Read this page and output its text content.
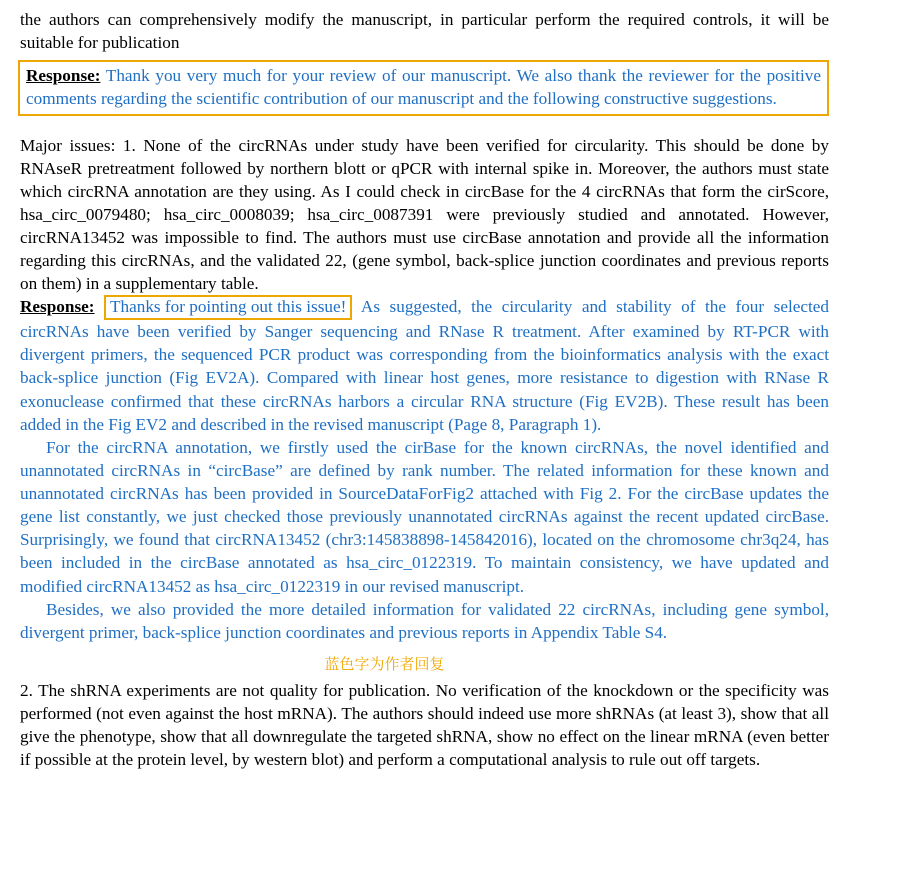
the authors can comprehensively modify the manuscript, in particular perform the required controls, it will be suitable for publication

Response: Thank you very much for your review of our manuscript. We also thank the reviewer for the positive comments regarding the scientific contribution of our manuscript and the following constructive suggestions.

Major issues: 1. None of the circRNAs under study have been verified for circularity. This should be done by RNAseR pretreatment followed by northern blott or qPCR with internal spike in. Moreover, the authors must state which circRNA annotation are they using. As I could check in circBase for the 4 circRNAs that form the cirScore, hsa_circ_0079480; hsa_circ_0008039; hsa_circ_0087391 were previously studied and annotated. However, circRNA13452 was impossible to find. The authors must use circBase annotation and provide all the information regarding this circRNAs, and the validated 22, (gene symbol, back-splice junction coordinates and previous reports on them) in a supplementary table.

Response: Thanks for pointing out this issue! As suggested, the circularity and stability of the four selected circRNAs have been verified by Sanger sequencing and RNase R treatment. After examined by RT-PCR with divergent primers, the sequenced PCR product was corresponding from the bioinformatics analysis with the exact back-splice junction (Fig EV2A). Compared with linear host genes, more resistance to digestion with RNase R exonuclease confirmed that these circRNAs harbors a circular RNA structure (Fig EV2B). These result has been added in the Fig EV2 and described in the revised manuscript (Page 8, Paragraph 1).

For the circRNA annotation, we firstly used the cirBase for the known circRNAs, the novel identified and unannotated circRNAs in “circBase” are defined by rank number. The related information for these known and unannotated circRNAs has been provided in SourceDataForFig2 attached with Fig 2. For the circBase updates the gene list constantly, we just checked those previously unannotated circRNAs against the recent updated circBase. Surprisingly, we found that circRNA13452 (chr3:145838898-145842016), located on the chromosome chr3q24, has been included in the circBase annotated as hsa_circ_0122319. To maintain consistency, we have updated and modified circRNA13452 as hsa_circ_0122319 in our revised manuscript.

Besides, we also provided the more detailed information for validated 22 circRNAs, including gene symbol, divergent primer, back-splice junction coordinates and previous reports in Appendix Table S4.

蓝色字为作者回复

2. The shRNA experiments are not quality for publication. No verification of the knockdown or the specificity was performed (not even against the host mRNA). The authors should indeed use more shRNAs (at least 3), show that all give the phenotype, show that all downregulate the targeted shRNA, show no effect on the linear mRNA (even better if possible at the protein level, by western blot) and perform a computational analysis to rule out off targets.
